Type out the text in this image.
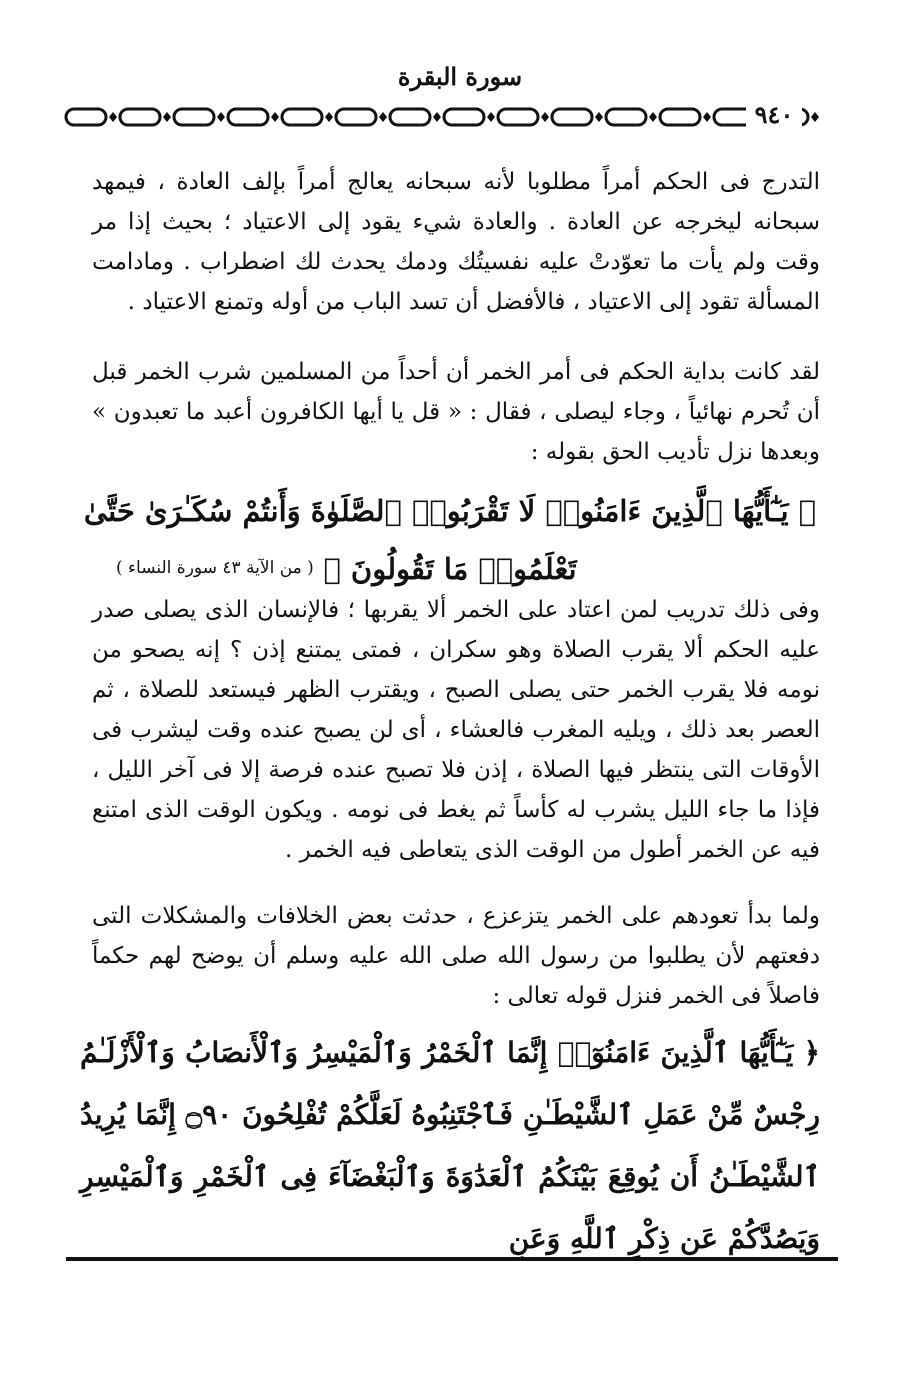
سورة البقرة
٩٤٠

التدرج فى الحكم أمراً مطلوبا لأنه سبحانه يعالج أمراً بإلف العادة ، فيمهد سبحانه ليخرجه عن العادة . والعادة شيء يقود إلى الاعتياد ؛ بحيث إذا مر وقت ولم يأت ما تعوّدتْ عليه نفسيتُك ودمك يحدث لك اضطراب . ومادامت المسألة تقود إلى الاعتياد ، فالأفضل أن تسد الباب من أوله وتمنع الاعتياد .

لقد كانت بداية الحكم فى أمر الخمر أن أحداً من المسلمين شرب الخمر قبل أن تُحرم نهائياً ، وجاء ليصلى ، فقال : « قل يا أيها الكافرون أعبد ما تعبدون » وبعدها نزل تأديب الحق بقوله :

﴿ يَـٰٓأَيُّهَا ٱلَّذِينَ ءَامَنُوا۟ لَا تَقْرَبُوا۟ ٱلصَّلَوٰةَ وَأَنتُمْ سُكَـٰرَىٰ حَتَّىٰ تَعْلَمُوا۟ مَا تَقُولُونَ ﴾

( من الآية ٤٣ سورة النساء )

وفى ذلك تدريب لمن اعتاد على الخمر ألا يقربها ؛ فالإنسان الذى يصلى صدر عليه الحكم ألا يقرب الصلاة وهو سكران ، فمتى يمتنع إذن ؟ إنه يصحو من نومه فلا يقرب الخمر حتى يصلى الصبح ، ويقترب الظهر فيستعد للصلاة ، ثم العصر بعد ذلك ، ويليه المغرب فالعشاء ، أى لن يصبح عنده وقت ليشرب فى الأوقات التى ينتظر فيها الصلاة ، إذن فلا تصبح عنده فرصة إلا فى آخر الليل ، فإذا ما جاء الليل يشرب له كأساً ثم يغط فى نومه . ويكون الوقت الذى امتنع فيه عن الخمر أطول من الوقت الذى يتعاطى فيه الخمر .

ولما بدأ تعودهم على الخمر يتزعزع ، حدثت بعض الخلافات والمشكلات التى دفعتهم لأن يطلبوا من رسول الله صلى الله عليه وسلم أن يوضح لهم حكماً فاصلاً فى الخمر فنزل قوله تعالى :

﴿ يَـٰٓأَيُّهَا ٱلَّذِينَ ءَامَنُوٓا۟ إِنَّمَا ٱلْخَمْرُ وَٱلْمَيْسِرُ وَٱلْأَنصَابُ وَٱلْأَزْلَـٰمُ رِجْسٌ مِّنْ عَمَلِ ٱلشَّيْطَـٰنِ فَٱجْتَنِبُوهُ لَعَلَّكُمْ تُفْلِحُونَ ۝٩٠ إِنَّمَا يُرِيدُ ٱلشَّيْطَـٰنُ أَن يُوقِعَ بَيْنَكُمُ ٱلْعَدَٰوَةَ وَٱلْبَغْضَآءَ فِى ٱلْخَمْرِ وَٱلْمَيْسِرِ وَيَصُدَّكُمْ عَن ذِكْرِ ٱللَّهِ وَعَنِ
